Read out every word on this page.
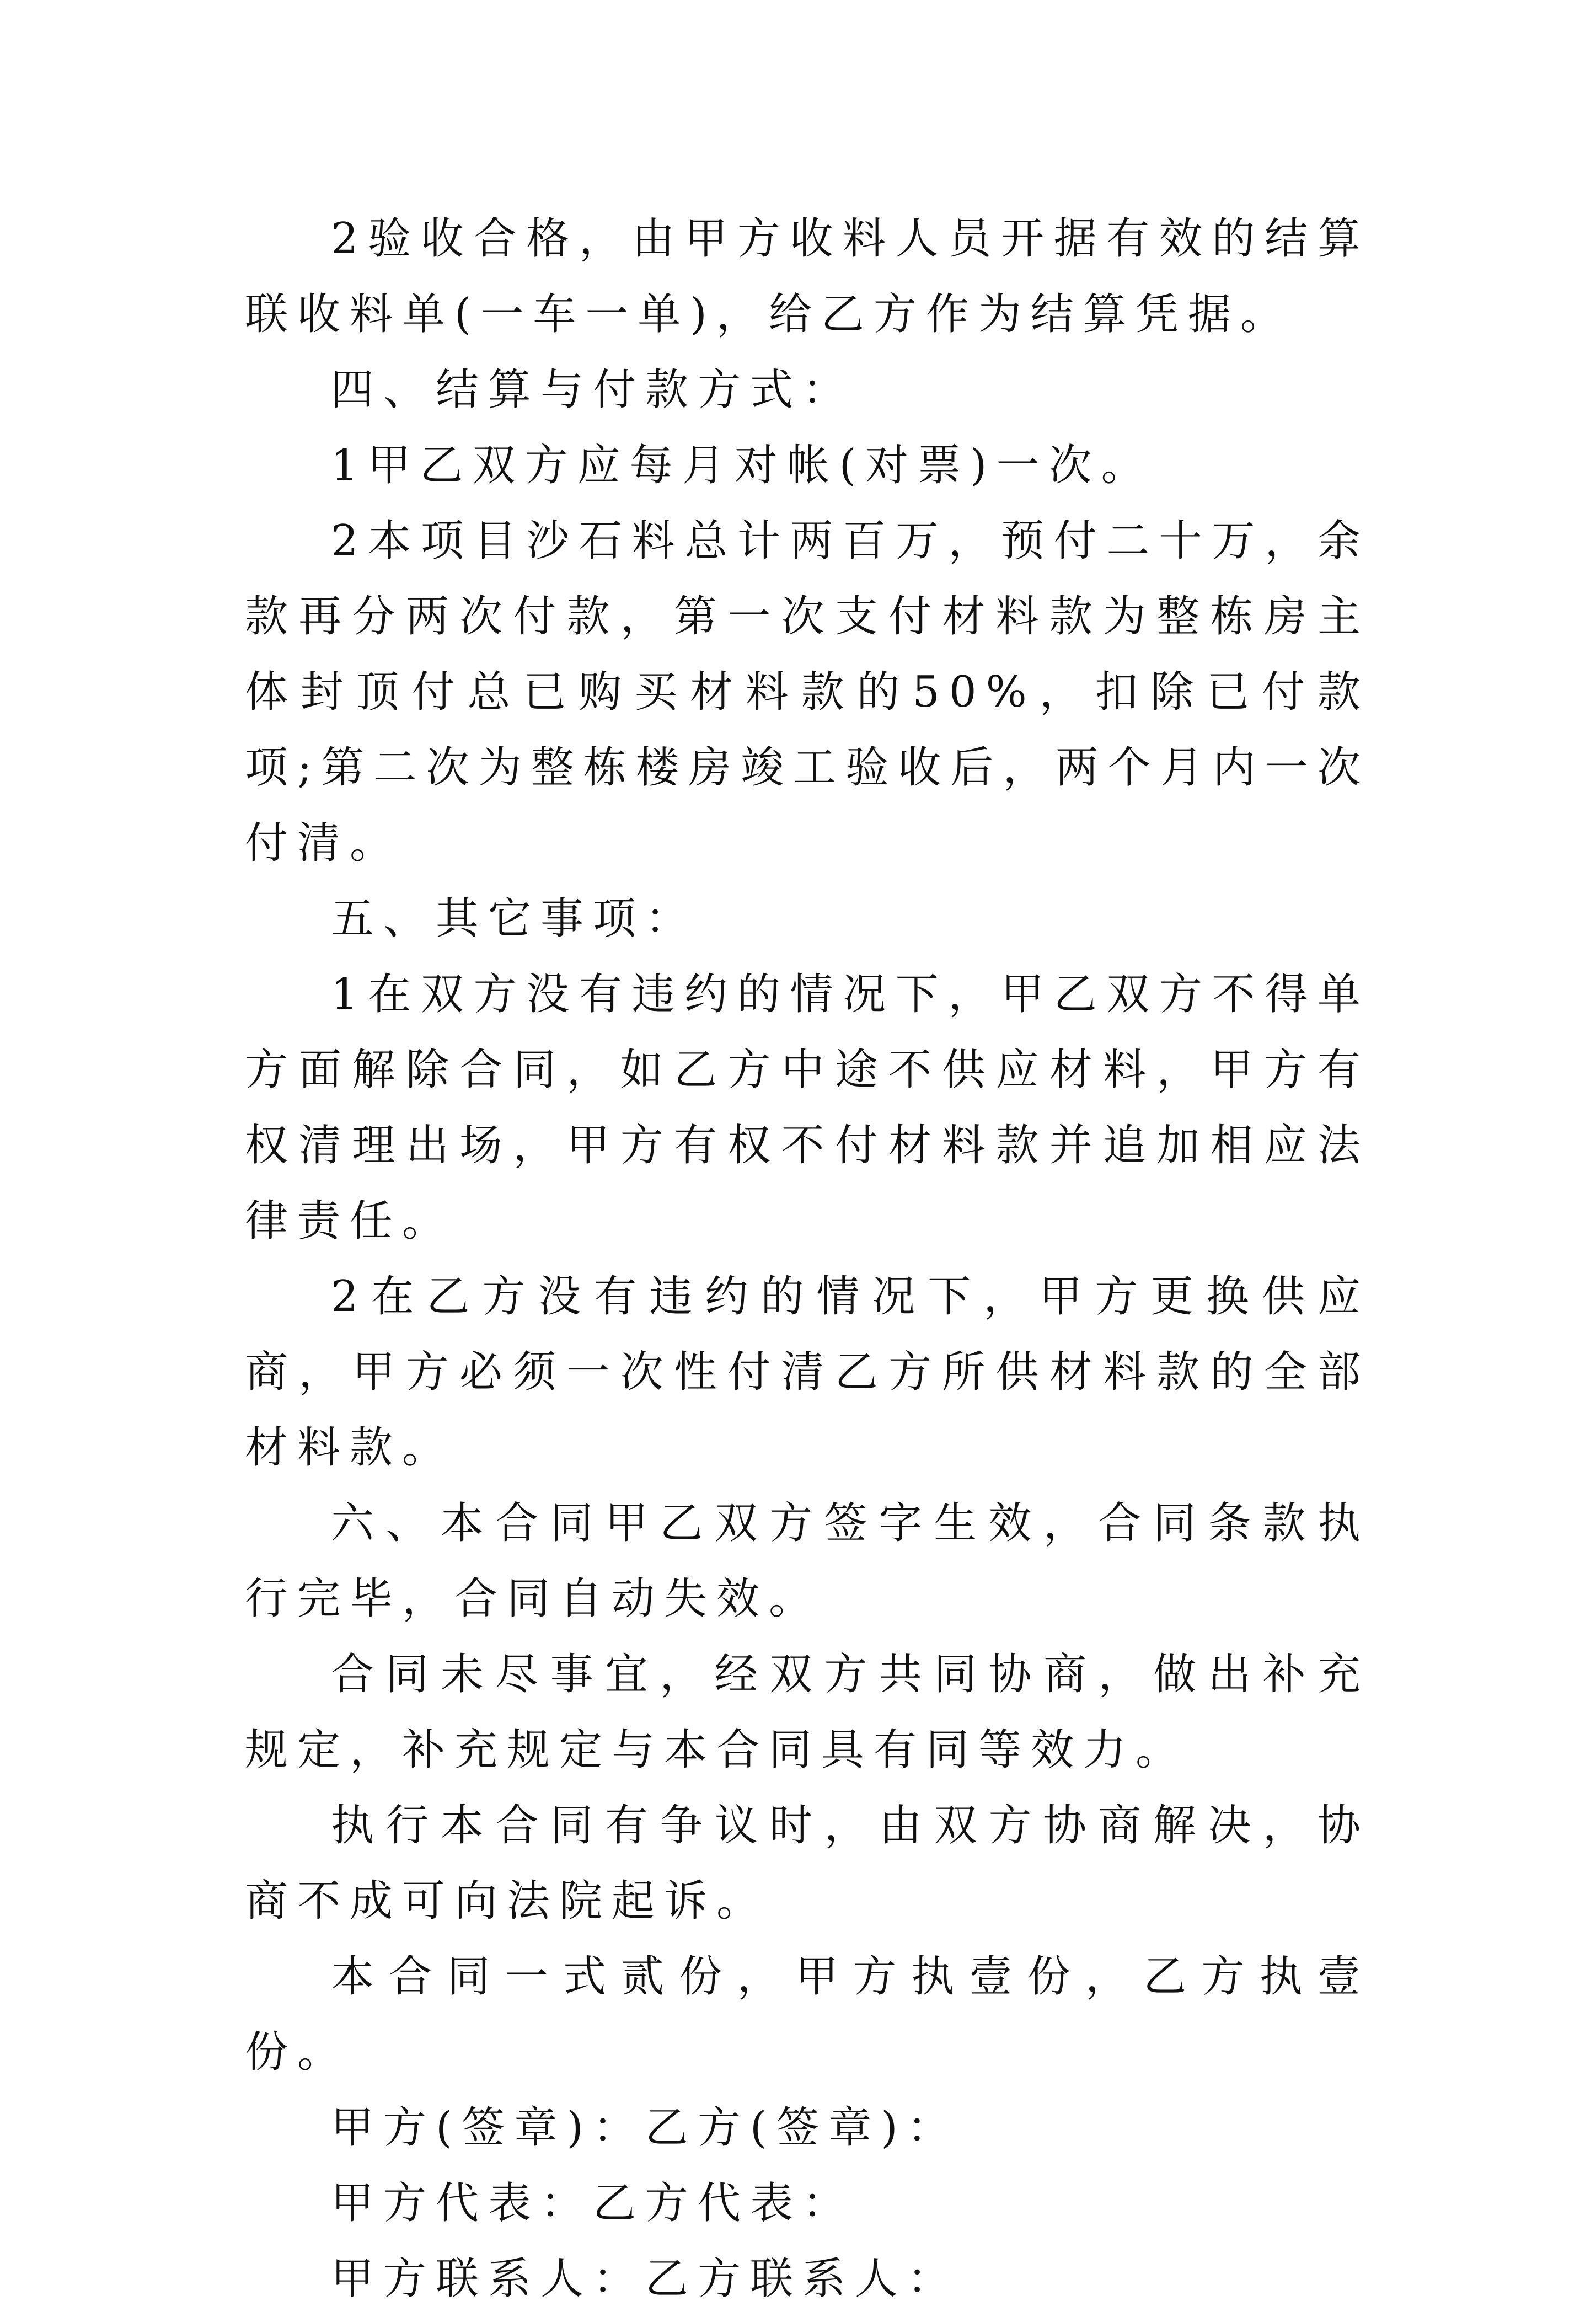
2验收合格，由甲方收料人员开据有效的结算联收料单(一车一单)，给乙方作为结算凭据。

四、结算与付款方式：

1甲乙双方应每月对帐(对票)一次。

2本项目沙石料总计两百万，预付二十万，余款再分两次付款，第一次支付材料款为整栋房主体封顶付总已购买材料款的50%，扣除已付款项;第二次为整栋楼房竣工验收后，两个月内一次付清。

五、其它事项：

1在双方没有违约的情况下，甲乙双方不得单方面解除合同，如乙方中途不供应材料，甲方有权清理出场，甲方有权不付材料款并追加相应法律责任。

2在乙方没有违约的情况下，甲方更换供应商，甲方必须一次性付清乙方所供材料款的全部材料款。

六、本合同甲乙双方签字生效，合同条款执行完毕，合同自动失效。

合同未尽事宜，经双方共同协商，做出补充规定，补充规定与本合同具有同等效力。

执行本合同有争议时，由双方协商解决，协商不成可向法院起诉。

本合同一式贰份，甲方执壹份，乙方执壹份。

甲方(签章)：乙方(签章)：

甲方代表：乙方代表：

甲方联系人：乙方联系人：
